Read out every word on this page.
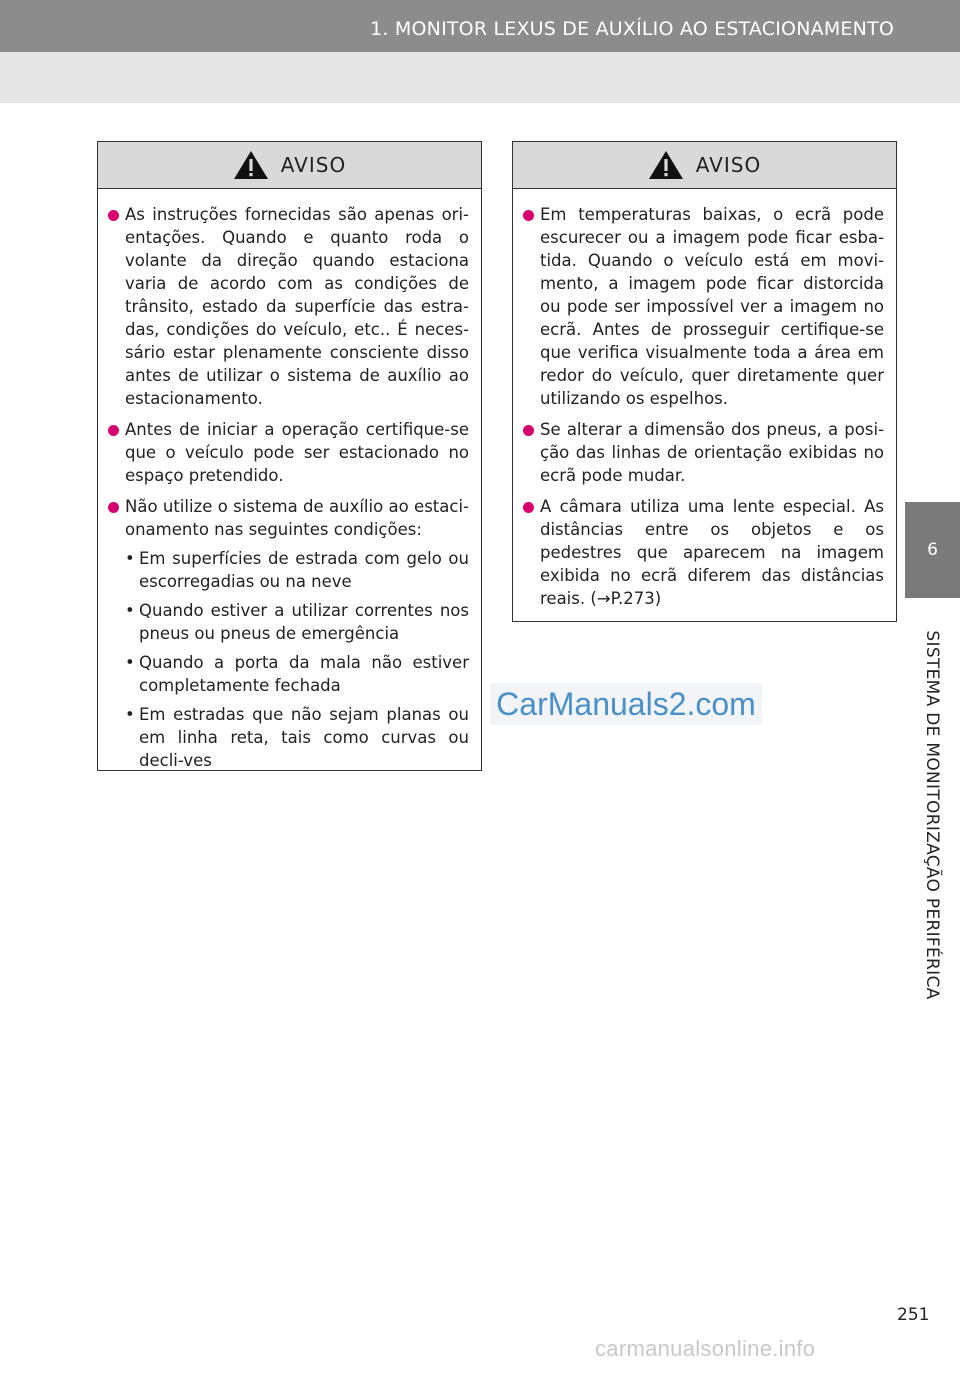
1. MONITOR LEXUS DE AUXÍLIO AO ESTACIONAMENTO
6
SISTEMA DE MONITORIZAÇÃO PERIFÉRICA
AVISO
As instruções fornecidas são apenas ori-entações. Quando e quanto roda o volante da direção quando estaciona varia de acordo com as condições de trânsito, estado da superfície das estra-das, condições do veículo, etc.. É neces-sário estar plenamente consciente disso antes de utilizar o sistema de auxílio ao estacionamento.
Antes de iniciar a operação certifique-se que o veículo pode ser estacionado no espaço pretendido.
Não utilize o sistema de auxílio ao estaci-onamento nas seguintes condições:
• Em superfícies de estrada com gelo ou escorregadias ou na neve
• Quando estiver a utilizar correntes nos pneus ou pneus de emergência
• Quando a porta da mala não estiver completamente fechada
• Em estradas que não sejam planas ou em linha reta, tais como curvas ou decli-ves
AVISO
Em temperaturas baixas, o ecrã pode escurecer ou a imagem pode ficar esba-tida. Quando o veículo está em movi-mento, a imagem pode ficar distorcida ou pode ser impossível ver a imagem no ecrã. Antes de prosseguir certifique-se que verifica visualmente toda a área em redor do veículo, quer diretamente quer utilizando os espelhos.
Se alterar a dimensão dos pneus, a posi-ção das linhas de orientação exibidas no ecrã pode mudar.
A câmara utiliza uma lente especial. As distâncias entre os objetos e os pedestres que aparecem na imagem exibida no ecrã diferem das distâncias reais. (→P.273)
CarManuals2.com
251
carmanualsonline.info
